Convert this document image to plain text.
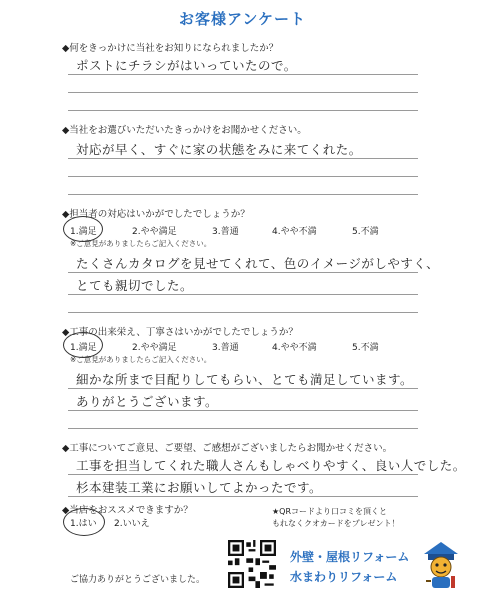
お客様アンケート
◆何をきっかけに当社をお知りになられましたか？
ポストにチラシがはいっていたので。
◆当社をお選びいただいたきっかけをお聞かせください。
対応が早く、すぐに家の状態をみに来てくれた。
◆担当者の対応はいかがでしたでしょうか？
1.満足	2.やや満足	3.普通	4.やや不満	5.不満
※ご意見がありましたらご記入ください。
たくさんカタログを見せてくれて、色のイメージがしやすく、
とても親切でした。
◆工事の出来栄え、丁寧さはいかがでしたでしょうか？
1.満足	2.やや満足	3.普通	4.やや不満	5.不満
※ご意見がありましたらご記入ください。
細かな所まで目配りしてもらい、とても満足しています。
ありがとうございます。
◆工事についてご意見、ご要望、ご感想がございましたらお聞かせください。
工事を担当してくれた職人さんもしゃべりやすく、良い人でした。
杉本建装工業にお願いしてよかったです。
◆当店をおススメできますか？
1.はい 2.いいえ
★QRコードより口コミを頂くと
もれなくクオカードをプレゼント！
ご協力ありがとうございました。
外壁・屋根リフォーム
水まわりリフォーム
